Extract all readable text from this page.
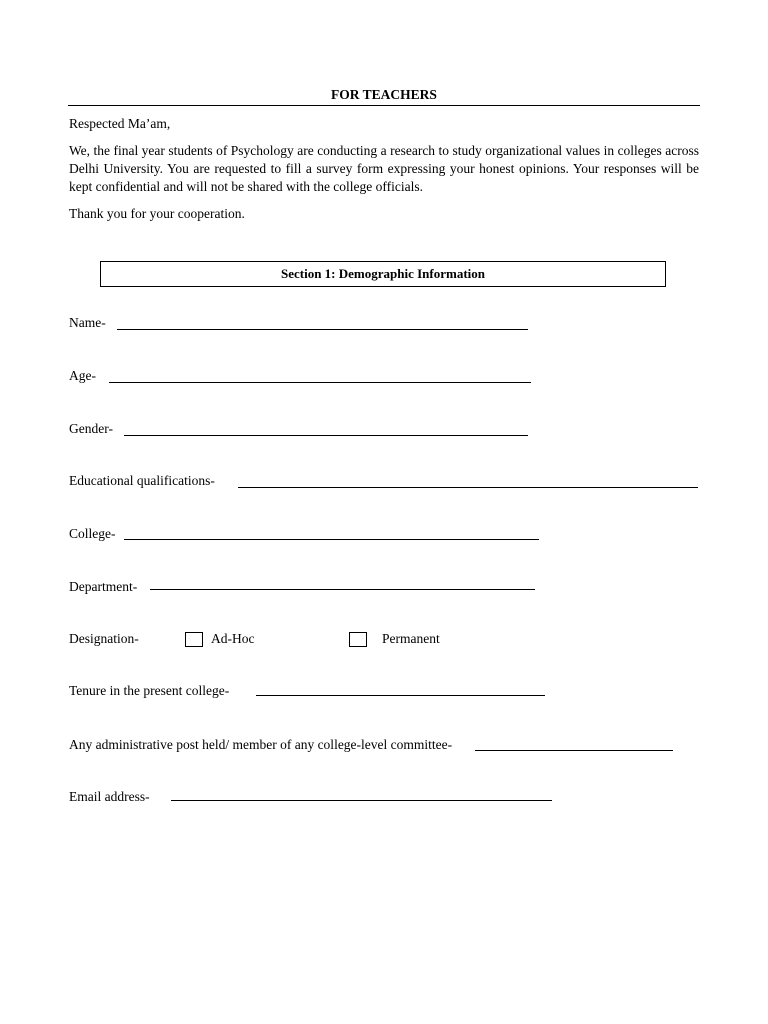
FOR TEACHERS
Respected Ma’am,
We, the final year students of Psychology are conducting a research to study organizational values in colleges across Delhi University. You are requested to fill a survey form expressing your honest opinions. Your responses will be kept confidential and will not be shared with the college officials.
Thank you for your cooperation.
Section 1: Demographic Information
Name-
Age-
Gender-
Educational qualifications-
College-
Department-
Designation-	Ad-Hoc	Permanent
Tenure in the present college-
Any administrative post held/ member of any college-level committee-
Email address-
